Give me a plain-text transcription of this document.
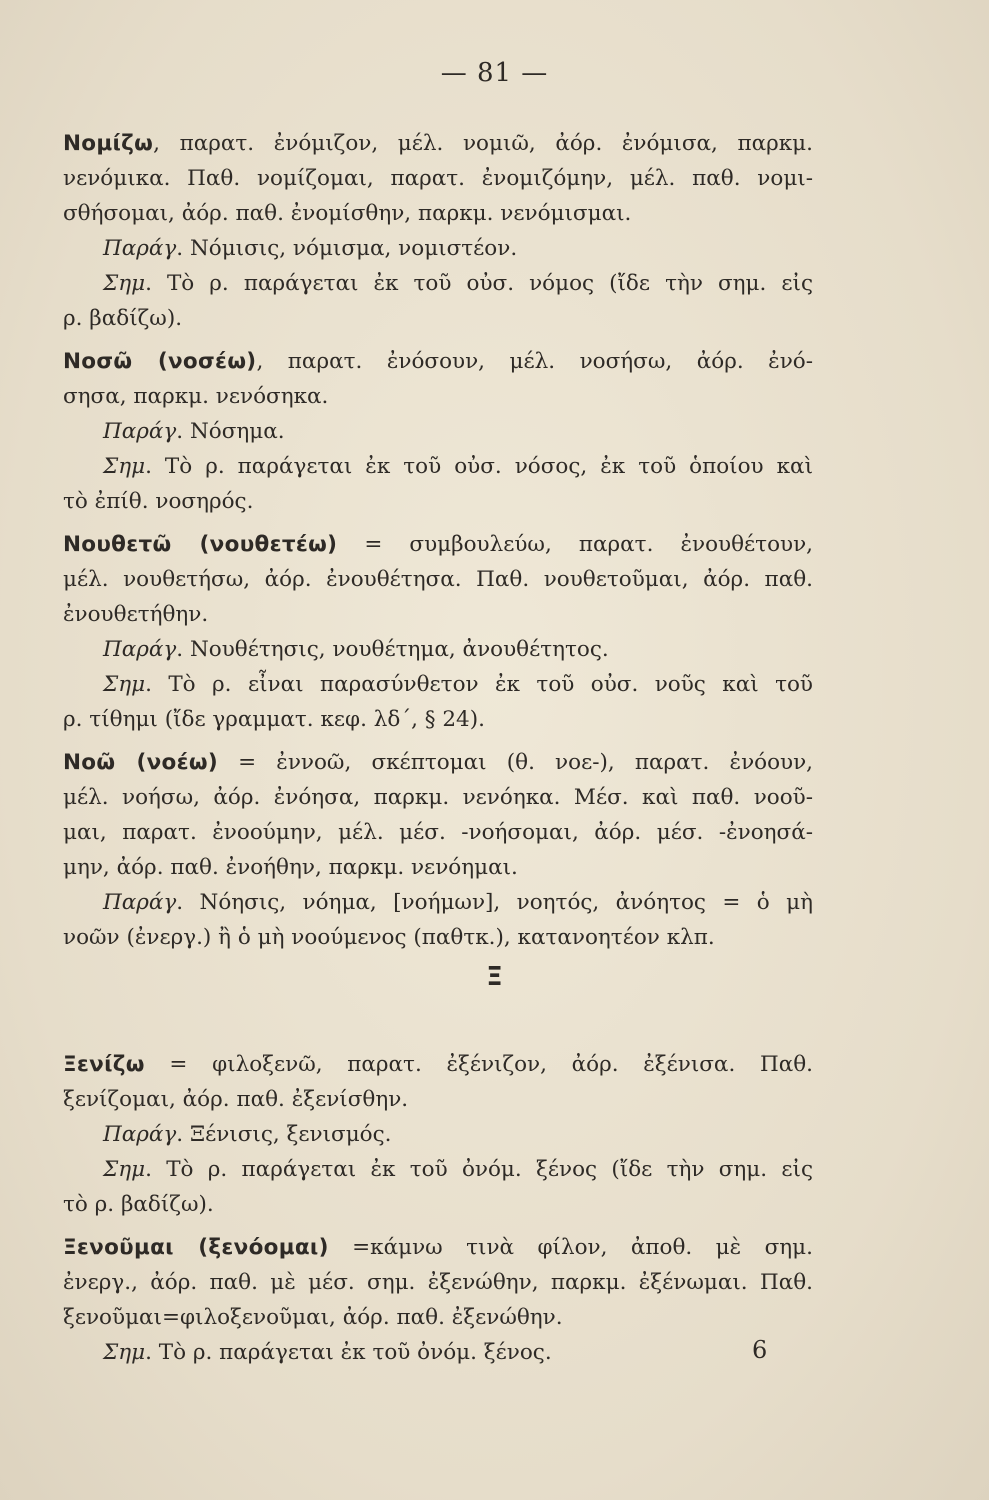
— 81 —
Νομίζω, παρατ. ἐνόμιζον, μέλ. νομιῶ, ἀόρ. ἐνόμισα, παρκμ.
νενόμικα. Παθ. νομίζομαι, παρατ. ἐνομιζόμην, μέλ. παθ. νομι-
σθήσομαι, ἀόρ. παθ. ἐνομίσθην, παρκμ. νενόμισμαι.
Παράγ. Νόμισις, νόμισμα, νομιστέον.
Σημ. Τὸ ρ. παράγεται ἐκ τοῦ οὐσ. νόμος (ἴδε τὴν σημ. εἰς
ρ. βαδίζω).
Νοσῶ (νοσέω), παρατ. ἐνόσουν, μέλ. νοσήσω, ἀόρ. ἐνό-
σησα, παρκμ. νενόσηκα.
Παράγ. Νόσημα.
Σημ. Τὸ ρ. παράγεται ἐκ τοῦ οὐσ. νόσος, ἐκ τοῦ ὁποίου καὶ
τὸ ἐπίθ. νοσηρός.
Νουθετῶ (νουθετέω) = συμβουλεύω, παρατ. ἐνουθέτουν,
μέλ. νουθετήσω, ἀόρ. ἐνουθέτησα. Παθ. νουθετοῦμαι, ἀόρ. παθ.
ἐνουθετήθην.
Παράγ. Νουθέτησις, νουθέτημα, ἀνουθέτητος.
Σημ. Τὸ ρ. εἶναι παρασύνθετον ἐκ τοῦ οὐσ. νοῦς καὶ τοῦ
ρ. τίθημι (ἴδε γραμματ. κεφ. λδ΄, § 24).
Νοῶ (νοέω) = ἐννοῶ, σκέπτομαι (θ. νοε-), παρατ. ἐνόουν,
μέλ. νοήσω, ἀόρ. ἐνόησα, παρκμ. νενόηκα. Μέσ. καὶ παθ. νοοῦ-
μαι, παρατ. ἐνοούμην, μέλ. μέσ. -νοήσομαι, ἀόρ. μέσ. -ἐνοησά-
μην, ἀόρ. παθ. ἐνοήθην, παρκμ. νενόημαι.
Παράγ. Νόησις, νόημα, [νοήμων], νοητός, ἀνόητος = ὁ μὴ
νοῶν (ἐνεργ.) ἢ ὁ μὴ νοούμενος (παθτκ.), κατανοητέον κλπ.
Ξενίζω = φιλοξενῶ, παρατ. ἐξένιζον, ἀόρ. ἐξένισα. Παθ.
ξενίζομαι, ἀόρ. παθ. ἐξενίσθην.
Παράγ. Ξένισις, ξενισμός.
Σημ. Τὸ ρ. παράγεται ἐκ τοῦ ὀνόμ. ξένος (ἴδε τὴν σημ. εἰς
τὸ ρ. βαδίζω).
Ξενοῦμαι (ξενόομαι) =κάμνω τινὰ φίλον, ἀποθ. μὲ σημ.
ἐνεργ., ἀόρ. παθ. μὲ μέσ. σημ. ἐξενώθην, παρκμ. ἐξένωμαι. Παθ.
ξενοῦμαι=φιλοξενοῦμαι, ἀόρ. παθ. ἐξενώθην.
Σημ. Τὸ ρ. παράγεται ἐκ τοῦ ὀνόμ. ξένος.
Ξ
6
